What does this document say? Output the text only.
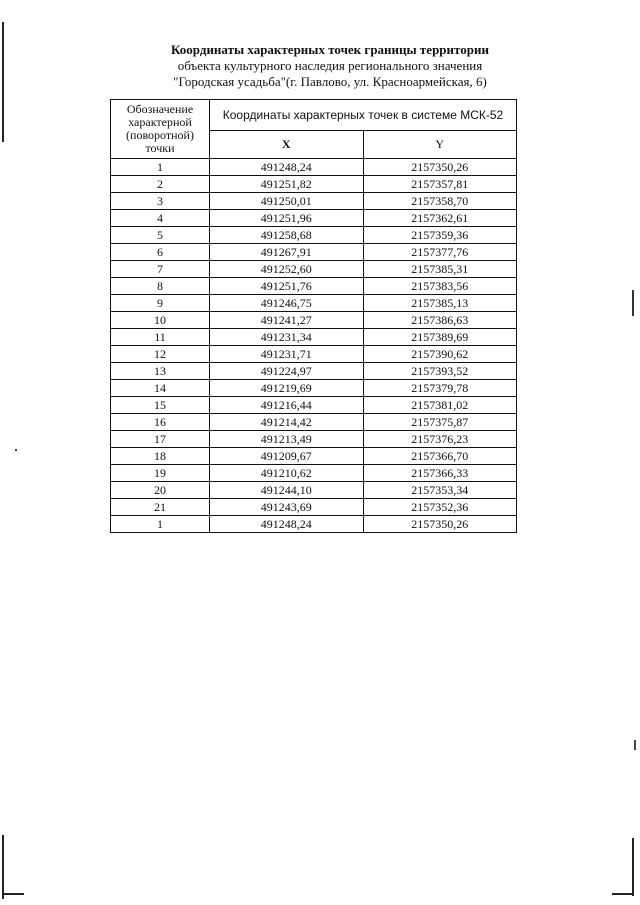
Координаты характерных точек границы территории
объекта культурного наследия регионального значения
"Городская усадьба"(г. Павлово, ул. Красноармейская, 6)
Обозначение характерной (поворотной) точки	Координаты характерных точек в системе МСК-52	
	X	Y
1	491248,24	2157350,26
2	491251,82	2157357,81
3	491250,01	2157358,70
4	491251,96	2157362,61
5	491258,68	2157359,36
6	491267,91	2157377,76
7	491252,60	2157385,31
8	491251,76	2157383,56
9	491246,75	2157385,13
10	491241,27	2157386,63
11	491231,34	2157389,69
12	491231,71	2157390,62
13	491224,97	2157393,52
14	491219,69	2157379,78
15	491216,44	2157381,02
16	491214,42	2157375,87
17	491213,49	2157376,23
18	491209,67	2157366,70
19	491210,62	2157366,33
20	491244,10	2157353,34
21	491243,69	2157352,36
1	491248,24	2157350,26
